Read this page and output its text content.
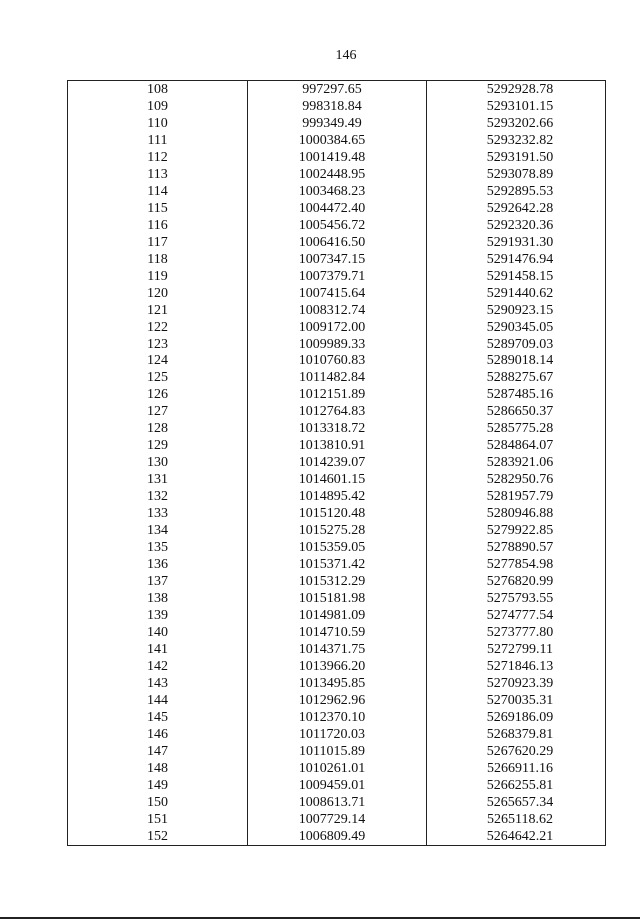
146
108	997297.65	5292928.78
109	998318.84	5293101.15
110	999349.49	5293202.66
111	1000384.65	5293232.82
112	1001419.48	5293191.50
113	1002448.95	5293078.89
114	1003468.23	5292895.53
115	1004472.40	5292642.28
116	1005456.72	5292320.36
117	1006416.50	5291931.30
118	1007347.15	5291476.94
119	1007379.71	5291458.15
120	1007415.64	5291440.62
121	1008312.74	5290923.15
122	1009172.00	5290345.05
123	1009989.33	5289709.03
124	1010760.83	5289018.14
125	1011482.84	5288275.67
126	1012151.89	5287485.16
127	1012764.83	5286650.37
128	1013318.72	5285775.28
129	1013810.91	5284864.07
130	1014239.07	5283921.06
131	1014601.15	5282950.76
132	1014895.42	5281957.79
133	1015120.48	5280946.88
134	1015275.28	5279922.85
135	1015359.05	5278890.57
136	1015371.42	5277854.98
137	1015312.29	5276820.99
138	1015181.98	5275793.55
139	1014981.09	5274777.54
140	1014710.59	5273777.80
141	1014371.75	5272799.11
142	1013966.20	5271846.13
143	1013495.85	5270923.39
144	1012962.96	5270035.31
145	1012370.10	5269186.09
146	1011720.03	5268379.81
147	1011015.89	5267620.29
148	1010261.01	5266911.16
149	1009459.01	5266255.81
150	1008613.71	5265657.34
151	1007729.14	5265118.62
152	1006809.49	5264642.21
